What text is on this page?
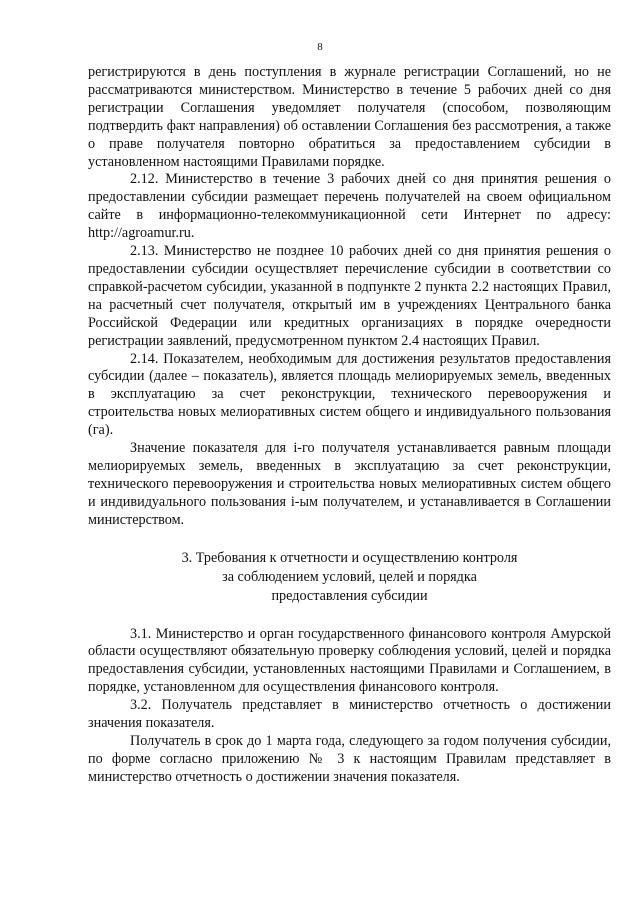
8

регистрируются в день поступления в журнале регистрации Соглашений, но не рассматриваются министерством. Министерство в течение 5 рабочих дней со дня регистрации Соглашения уведомляет получателя (способом, позволяющим подтвердить факт направления) об оставлении Соглашения без рассмотрения, а также о праве получателя повторно обратиться за предоставлением субсидии в установленном настоящими Правилами порядке.

2.12. Министерство в течение 3 рабочих дней со дня принятия решения о предоставлении субсидии размещает перечень получателей на своем официальном сайте в информационно-телекоммуникационной сети Интернет по адресу: http://agroamur.ru.

2.13. Министерство не позднее 10 рабочих дней со дня принятия решения о предоставлении субсидии осуществляет перечисление субсидии в соответствии со справкой-расчетом субсидии, указанной в подпункте 2 пункта 2.2 настоящих Правил, на расчетный счет получателя, открытый им в учреждениях Центрального банка Российской Федерации или кредитных организациях в порядке очередности регистрации заявлений, предусмотренном пунктом 2.4 настоящих Правил.

2.14. Показателем, необходимым для достижения результатов предоставления субсидии (далее – показатель), является площадь мелиорируемых земель, введенных в эксплуатацию за счет реконструкции, технического перевооружения и строительства новых мелиоративных систем общего и индивидуального пользования (га).

Значение показателя для i-го получателя устанавливается равным площади мелиорируемых земель, введенных в эксплуатацию за счет реконструкции, технического перевооружения и строительства новых мелиоративных систем общего и индивидуального пользования i-ым получателем, и устанавливается в Соглашении министерством.

3. Требования к отчетности и осуществлению контроля
за соблюдением условий, целей и порядка
предоставления субсидии

3.1. Министерство и орган государственного финансового контроля Амурской области осуществляют обязательную проверку соблюдения условий, целей и порядка предоставления субсидии, установленных настоящими Правилами и Соглашением, в порядке, установленном для осуществления финансового контроля.

3.2. Получатель представляет в министерство отчетность о достижении значения показателя.

Получатель в срок до 1 марта года, следующего за годом получения субсидии, по форме согласно приложению № 3 к настоящим Правилам представляет в министерство отчетность о достижении значения показателя.
